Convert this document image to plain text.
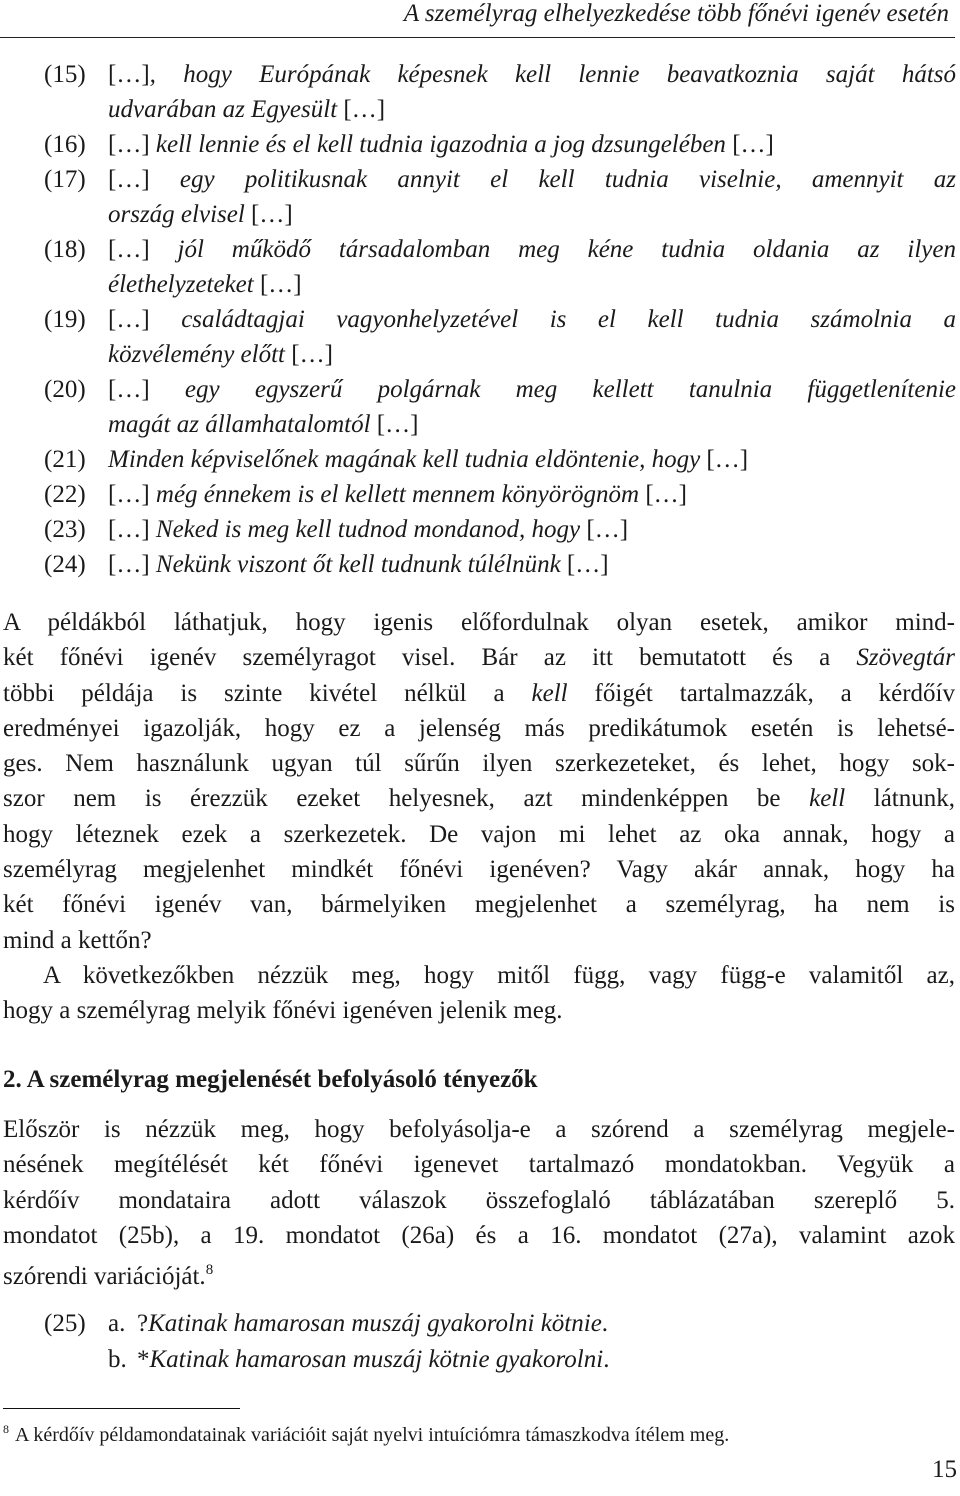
A személyrag elhelyezkedése több főnévi igenév esetén
(15) […], hogy Európának képesnek kell lennie beavatkoznia saját hátsó
udvarában az Egyesült […]
(16) […] kell lennie és el kell tudnia igazodnia a jog dzsungelében […]
(17) […] egy politikusnak annyit el kell tudnia viselnie, amennyit az
ország elvisel […]
(18) […] jól működő társadalomban meg kéne tudnia oldania az ilyen
élethelyzeteket […]
(19) […] családtagjai vagyonhelyzetével is el kell tudnia számolnia a
közvélemény előtt […]
(20) […] egy egyszerű polgárnak meg kellett tanulnia függetlenítenie
magát az államhatalomtól […]
(21) Minden képviselőnek magának kell tudnia eldöntenie, hogy […]
(22) […] még énnekem is el kellett mennem könyörögnöm […]
(23) […] Neked is meg kell tudnod mondanod, hogy […]
(24) […] Nekünk viszont őt kell tudnunk túlélnünk […]

A példákból láthatjuk, hogy igenis előfordulnak olyan esetek, amikor mind-
két főnévi igenév személyragot visel. Bár az itt bemutatott és a Szövegtár
többi példája is szinte kivétel nélkül a kell főigét tartalmazzák, a kérdőív
eredményei igazolják, hogy ez a jelenség más predikátumok esetén is lehetsé-
ges. Nem használunk ugyan túl sűrűn ilyen szerkezeteket, és lehet, hogy sok-
szor nem is érezzük ezeket helyesnek, azt mindenképpen be kell látnunk,
hogy léteznek ezek a szerkezetek. De vajon mi lehet az oka annak, hogy a
személyrag megjelenhet mindkét főnévi igenéven? Vagy akár annak, hogy ha
két főnévi igenév van, bármelyiken megjelenhet a személyrag, ha nem is
mind a kettőn?

A következőkben nézzük meg, hogy mitől függ, vagy függ-e valamitől az,
hogy a személyrag melyik főnévi igenéven jelenik meg.

2. A személyrag megjelenését befolyásoló tényezők

Először is nézzük meg, hogy befolyásolja-e a szórend a személyrag megjele-
nésének megítélését két főnévi igenevet tartalmazó mondatokban. Vegyük a
kérdőív mondataira adott válaszok összefoglaló táblázatában szereplő 5.
mondatot (25b), a 19. mondatot (26a) és a 16. mondatot (27a), valamint azok
szórendi variációját.$^8$

(25) a. ?Katinak hamarosan muszáj gyakorolni kötnie.
b. *Katinak hamarosan muszáj kötnie gyakorolni.
$^8$ A kérdőív példamondatainak variációit saját nyelvi intuíciómra támaszkodva ítélem meg.
15
